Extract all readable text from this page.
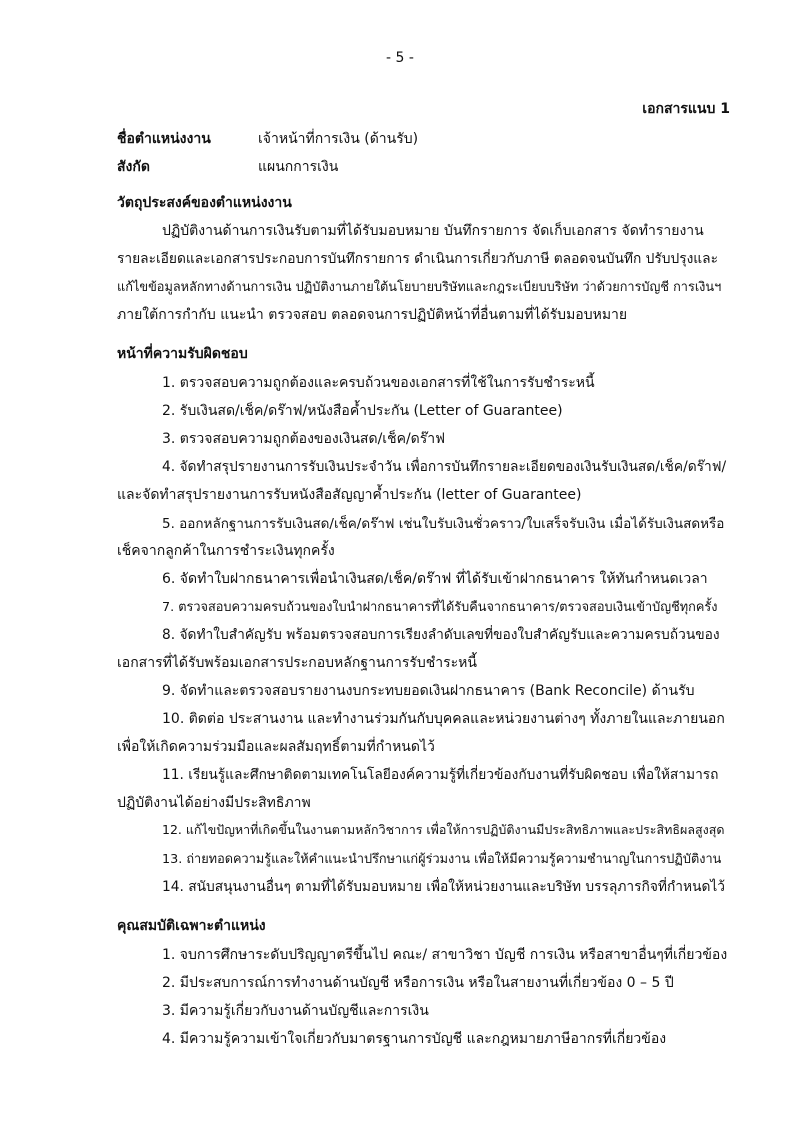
- 5 -
เอกสารแนบ 1
ชื่อตำแหน่งงาน	เจ้าหน้าที่การเงิน (ด้านรับ)
สังกัด	แผนกการเงิน
วัตถุประสงค์ของตำแหน่งงาน
ปฏิบัติงานด้านการเงินรับตามที่ได้รับมอบหมาย บันทึกรายการ จัดเก็บเอกสาร จัดทำรายงาน
รายละเอียดและเอกสารประกอบการบันทึกรายการ ดำเนินการเกี่ยวกับภาษี ตลอดจนบันทึก ปรับปรุงและ
แก้ไขข้อมูลหลักทางด้านการเงิน ปฏิบัติงานภายใต้นโยบายบริษัทและกฎระเบียบบริษัท ว่าด้วยการบัญชี การเงินฯ
ภายใต้การกำกับ แนะนำ ตรวจสอบ ตลอดจนการปฏิบัติหน้าที่อื่นตามที่ได้รับมอบหมาย
หน้าที่ความรับผิดชอบ
1. ตรวจสอบความถูกต้องและครบถ้วนของเอกสารที่ใช้ในการรับชำระหนี้
2. รับเงินสด/เช็ค/ดร๊าฟ/หนังสือค้ำประกัน (Letter of Guarantee)
3. ตรวจสอบความถูกต้องของเงินสด/เช็ค/ดร๊าฟ
4. จัดทำสรุปรายงานการรับเงินประจำวัน เพื่อการบันทึกรายละเอียดของเงินรับเงินสด/เช็ค/ดร๊าฟ/
และจัดทำสรุปรายงานการรับหนังสือสัญญาค้ำประกัน (letter of Guarantee)
5. ออกหลักฐานการรับเงินสด/เช็ค/ดร๊าฟ เช่นใบรับเงินชั่วคราว/ใบเสร็จรับเงิน เมื่อได้รับเงินสดหรือ
เช็คจากลูกค้าในการชำระเงินทุกครั้ง
6. จัดทำใบฝากธนาคารเพื่อนำเงินสด/เช็ค/ดร๊าฟ ที่ได้รับเข้าฝากธนาคาร ให้ทันกำหนดเวลา
7. ตรวจสอบความครบถ้วนของใบนำฝากธนาคารที่ได้รับคืนจากธนาคาร/ตรวจสอบเงินเข้าบัญชีทุกครั้ง
8. จัดทำใบสำคัญรับ พร้อมตรวจสอบการเรียงลำดับเลขที่ของใบสำคัญรับและความครบถ้วนของ
เอกสารที่ได้รับพร้อมเอกสารประกอบหลักฐานการรับชำระหนี้
9. จัดทำและตรวจสอบรายงานงบกระทบยอดเงินฝากธนาคาร (Bank Reconcile) ด้านรับ
10. ติดต่อ ประสานงาน และทำงานร่วมกันกับบุคคลและหน่วยงานต่างๆ ทั้งภายในและภายนอก
เพื่อให้เกิดความร่วมมือและผลสัมฤทธิ์ตามที่กำหนดไว้
11. เรียนรู้และศึกษาติดตามเทคโนโลยีองค์ความรู้ที่เกี่ยวข้องกับงานที่รับผิดชอบ เพื่อให้สามารถ
ปฏิบัติงานได้อย่างมีประสิทธิภาพ
12. แก้ไขปัญหาที่เกิดขึ้นในงานตามหลักวิชาการ เพื่อให้การปฏิบัติงานมีประสิทธิภาพและประสิทธิผลสูงสุด
13. ถ่ายทอดความรู้และให้คำแนะนำปรึกษาแก่ผู้ร่วมงาน เพื่อให้มีความรู้ความชำนาญในการปฏิบัติงาน
14. สนับสนุนงานอื่นๆ ตามที่ได้รับมอบหมาย เพื่อให้หน่วยงานและบริษัท บรรลุภารกิจที่กำหนดไว้
คุณสมบัติเฉพาะตำแหน่ง
1. จบการศึกษาระดับปริญญาตรีขึ้นไป คณะ/ สาขาวิชา บัญชี การเงิน หรือสาขาอื่นๆที่เกี่ยวข้อง
2. มีประสบการณ์การทำงานด้านบัญชี หรือการเงิน หรือในสายงานที่เกี่ยวข้อง 0 – 5 ปี
3. มีความรู้เกี่ยวกับงานด้านบัญชีและการเงิน
4. มีความรู้ความเข้าใจเกี่ยวกับมาตรฐานการบัญชี และกฎหมายภาษีอากรที่เกี่ยวข้อง
